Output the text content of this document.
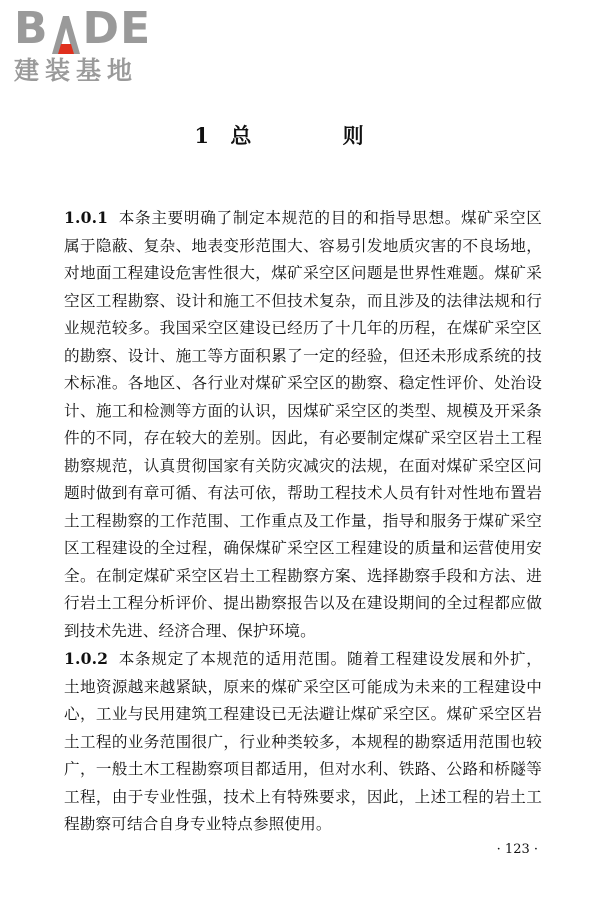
B DE
建装基地
1 总 则

1.0.1 本条主要明确了制定本规范的目的和指导思想。煤矿采空区属于隐蔽、复杂、地表变形范围大、容易引发地质灾害的不良场地，对地面工程建设危害性很大，煤矿采空区问题是世界性难题。煤矿采空区工程勘察、设计和施工不但技术复杂，而且涉及的法律法规和行业规范较多。我国采空区建设已经历了十几年的历程，在煤矿采空区的勘察、设计、施工等方面积累了一定的经验，但还未形成系统的技术标准。各地区、各行业对煤矿采空区的勘察、稳定性评价、处治设计、施工和检测等方面的认识，因煤矿采空区的类型、规模及开采条件的不同，存在较大的差别。因此，有必要制定煤矿采空区岩土工程勘察规范，认真贯彻国家有关防灾减灾的法规，在面对煤矿采空区问题时做到有章可循、有法可依，帮助工程技术人员有针对性地布置岩土工程勘察的工作范围、工作重点及工作量，指导和服务于煤矿采空区工程建设的全过程，确保煤矿采空区工程建设的质量和运营使用安全。在制定煤矿采空区岩土工程勘察方案、选择勘察手段和方法、进行岩土工程分析评价、提出勘察报告以及在建设期间的全过程都应做到技术先进、经济合理、保护环境。

1.0.2 本条规定了本规范的适用范围。随着工程建设发展和外扩，土地资源越来越紧缺，原来的煤矿采空区可能成为未来的工程建设中心，工业与民用建筑工程建设已无法避让煤矿采空区。煤矿采空区岩土工程的业务范围很广，行业种类较多，本规程的勘察适用范围也较广，一般土木工程勘察项目都适用，但对水利、铁路、公路和桥隧等工程，由于专业性强，技术上有特殊要求，因此，上述工程的岩土工程勘察可结合自身专业特点参照使用。

· 123 ·
